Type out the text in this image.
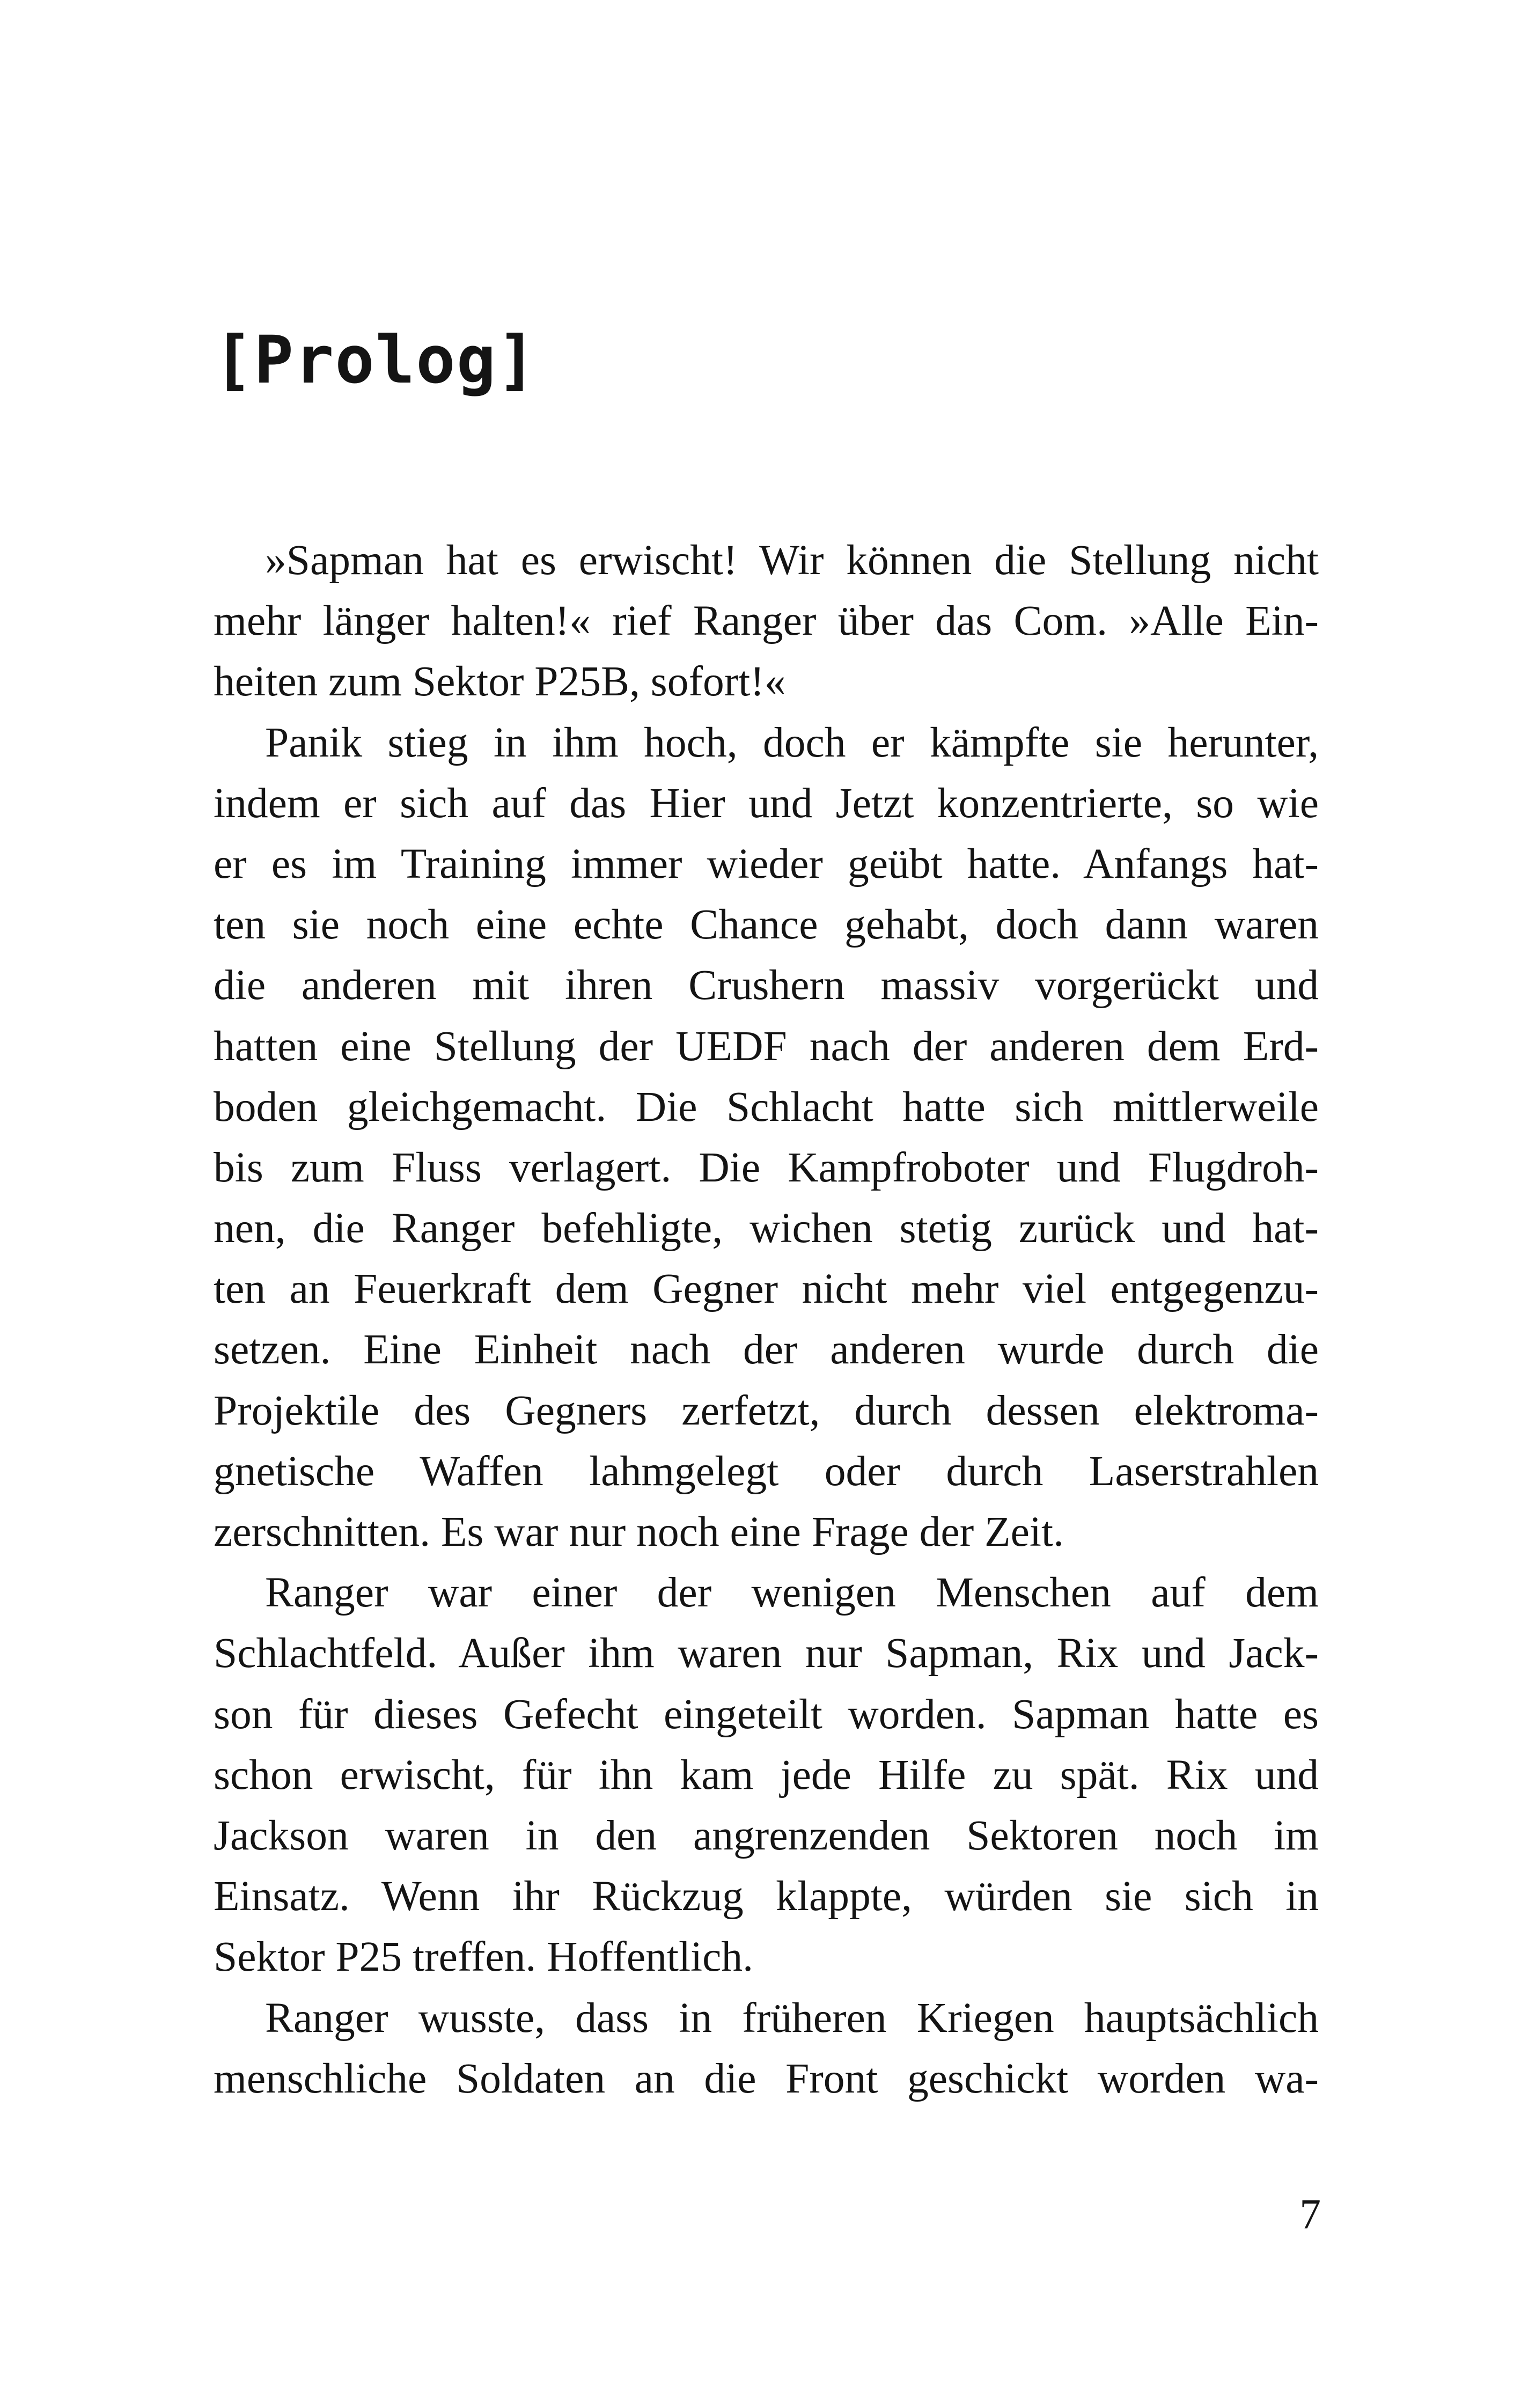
[Prolog]
»Sapman hat es erwischt! Wir können die Stellung nicht
mehr länger halten!« rief Ranger über das Com. »Alle Ein-
heiten zum Sektor P25B, sofort!«
Panik stieg in ihm hoch, doch er kämpfte sie herunter,
indem er sich auf das Hier und Jetzt konzentrierte, so wie
er es im Training immer wieder geübt hatte. Anfangs hat-
ten sie noch eine echte Chance gehabt, doch dann waren
die anderen mit ihren Crushern massiv vorgerückt und
hatten eine Stellung der UEDF nach der anderen dem Erd-
boden gleichgemacht. Die Schlacht hatte sich mittlerweile
bis zum Fluss verlagert. Die Kampfroboter und Flugdroh-
nen, die Ranger befehligte, wichen stetig zurück und hat-
ten an Feuerkraft dem Gegner nicht mehr viel entgegenzu-
setzen. Eine Einheit nach der anderen wurde durch die
Projektile des Gegners zerfetzt, durch dessen elektroma-
gnetische Waffen lahmgelegt oder durch Laserstrahlen
zerschnitten. Es war nur noch eine Frage der Zeit.
Ranger war einer der wenigen Menschen auf dem
Schlachtfeld. Außer ihm waren nur Sapman, Rix und Jack-
son für dieses Gefecht eingeteilt worden. Sapman hatte es
schon erwischt, für ihn kam jede Hilfe zu spät. Rix und
Jackson waren in den angrenzenden Sektoren noch im
Einsatz. Wenn ihr Rückzug klappte, würden sie sich in
Sektor P25 treffen. Hoffentlich.
Ranger wusste, dass in früheren Kriegen hauptsächlich
menschliche Soldaten an die Front geschickt worden wa-
7
